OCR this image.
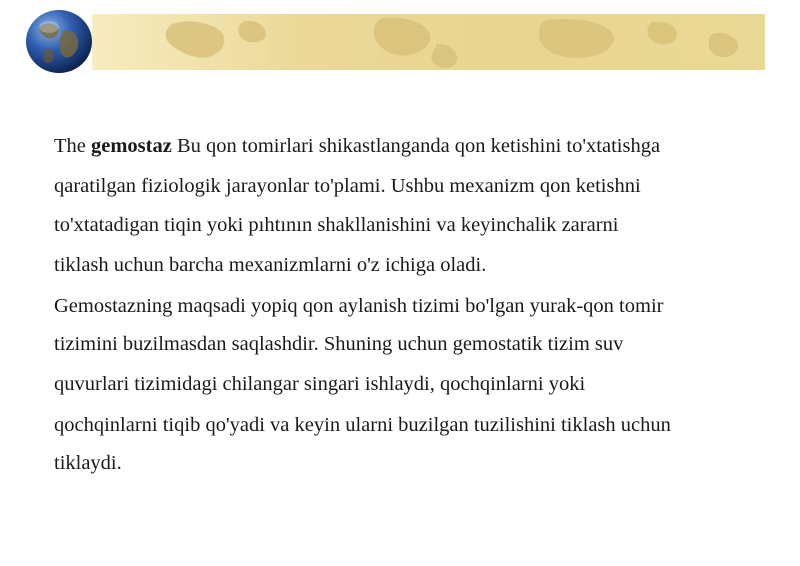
The gemostaz Bu qon tomirlari shikastlanganda qon ketishini to'xtatishga
qaratilgan fiziologik jarayonlar to'plami. Ushbu mexanizm qon ketishni
to'xtatadigan tiqin yoki pıhtının shakllanishini va keyinchalik zararni
tiklash uchun barcha mexanizmlarni o'z ichiga oladi.
Gemostazning maqsadi yopiq qon aylanish tizimi bo'lgan yurak-qon tomir
tizimini buzilmasdan saqlashdir. Shuning uchun gemostatik tizim suv
quvurlari tizimidagi chilangar singari ishlaydi, qochqinlarni yoki
qochqinlarni tiqib qo'yadi va keyin ularni buzilgan tuzilishini tiklash uchun
tiklaydi.
